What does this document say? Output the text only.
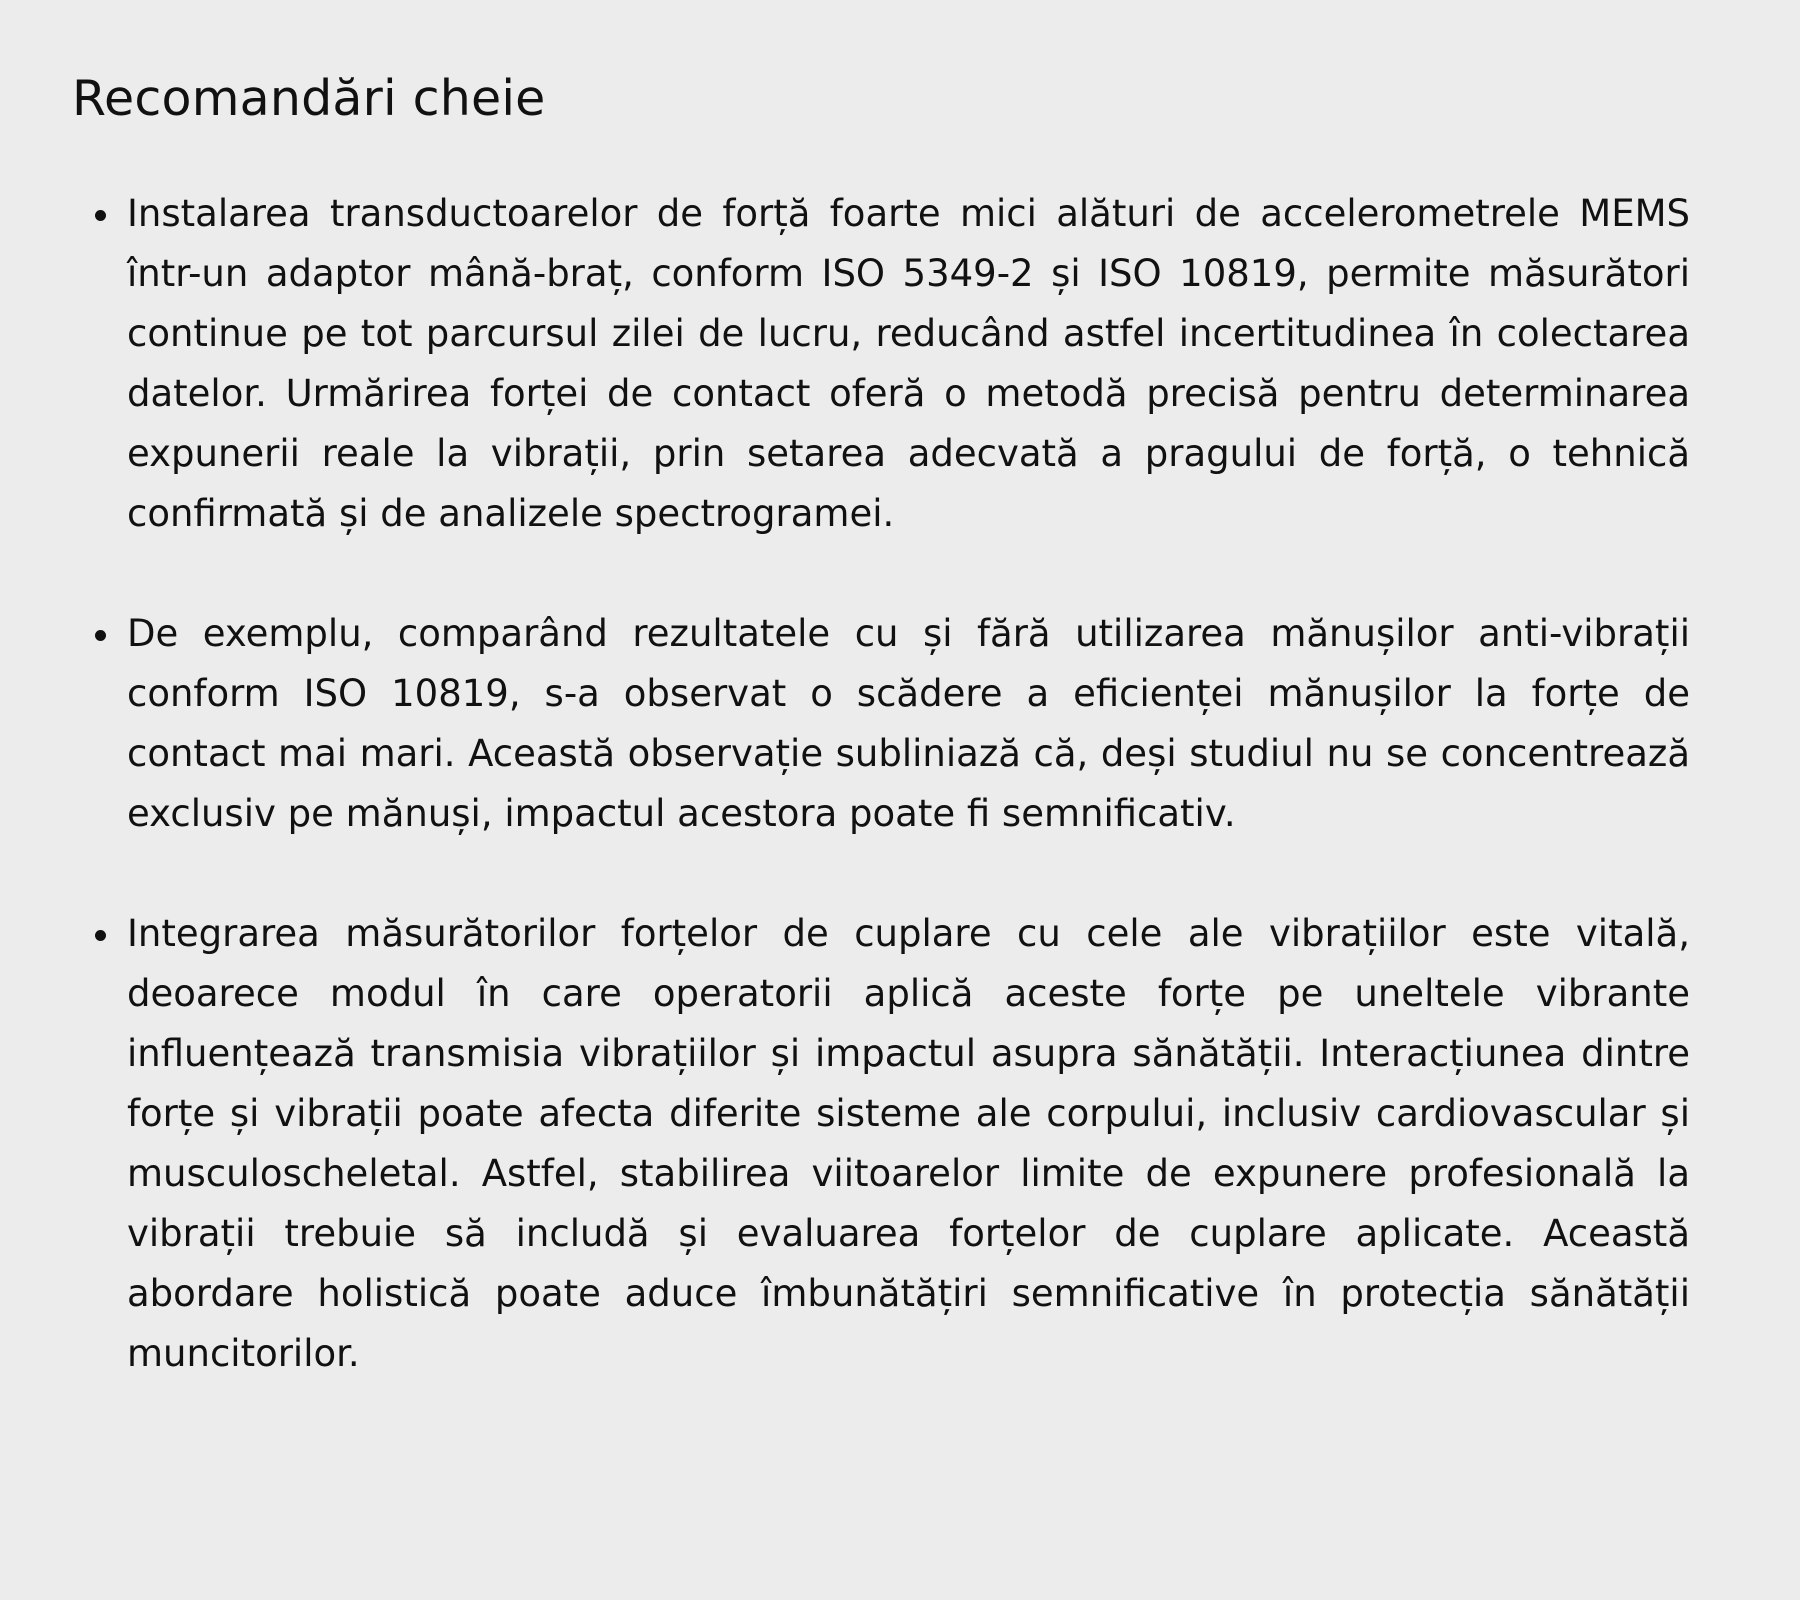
Recomandări cheie
Instalarea transductoarelor de forță foarte mici alături de accelerometrele MEMS într-un adaptor mână-braț, conform ISO 5349-2 și ISO 10819, permite măsurători continue pe tot parcursul zilei de lucru, reducând astfel incertitudinea în colectarea datelor. Urmărirea forței de contact oferă o metodă precisă pentru determinarea expunerii reale la vibrații, prin setarea adecvată a pragului de forță, o tehnică confirmată și de analizele spectrogramei.
De exemplu, comparând rezultatele cu și fără utilizarea mănușilor anti-vibrații conform ISO 10819, s-a observat o scădere a eficienței mănușilor la forțe de contact mai mari. Această observație subliniază că, deși studiul nu se concentrează exclusiv pe mănuși, impactul acestora poate fi semnificativ.
Integrarea măsurătorilor forțelor de cuplare cu cele ale vibrațiilor este vitală, deoarece modul în care operatorii aplică aceste forțe pe uneltele vibrante influențează transmisia vibrațiilor și impactul asupra sănătății. Interacțiunea dintre forțe și vibrații poate afecta diferite sisteme ale corpului, inclusiv cardiovascular și musculoscheletal. Astfel, stabilirea viitoarelor limite de expunere profesională la vibrații trebuie să includă și evaluarea forțelor de cuplare aplicate. Această abordare holistică poate aduce îmbunătățiri semnificative în protecția sănătății muncitorilor.
